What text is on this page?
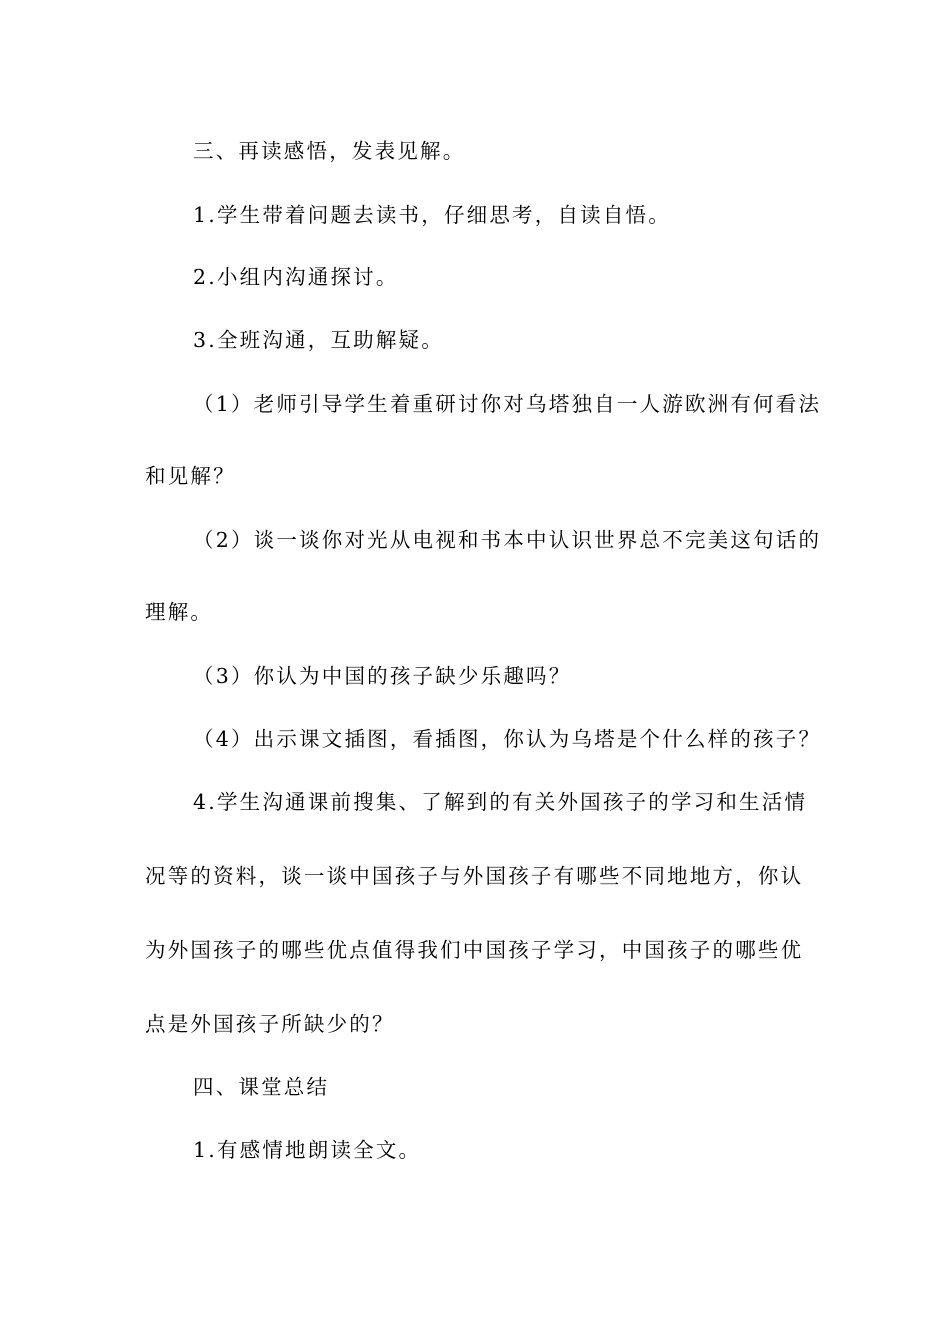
三、再读感悟，发表见解。
1.学生带着问题去读书，仔细思考，自读自悟。
2.小组内沟通探讨。
3.全班沟通，互助解疑。
（1）老师引导学生着重研讨你对乌塔独自一人游欧洲有何看法
和见解？
（2）谈一谈你对光从电视和书本中认识世界总不完美这句话的
理解。
（3）你认为中国的孩子缺少乐趣吗？
（4）出示课文插图，看插图，你认为乌塔是个什么样的孩子？
4.学生沟通课前搜集、了解到的有关外国孩子的学习和生活情
况等的资料，谈一谈中国孩子与外国孩子有哪些不同地地方，你认
为外国孩子的哪些优点值得我们中国孩子学习，中国孩子的哪些优
点是外国孩子所缺少的？
四、课堂总结
1.有感情地朗读全文。
